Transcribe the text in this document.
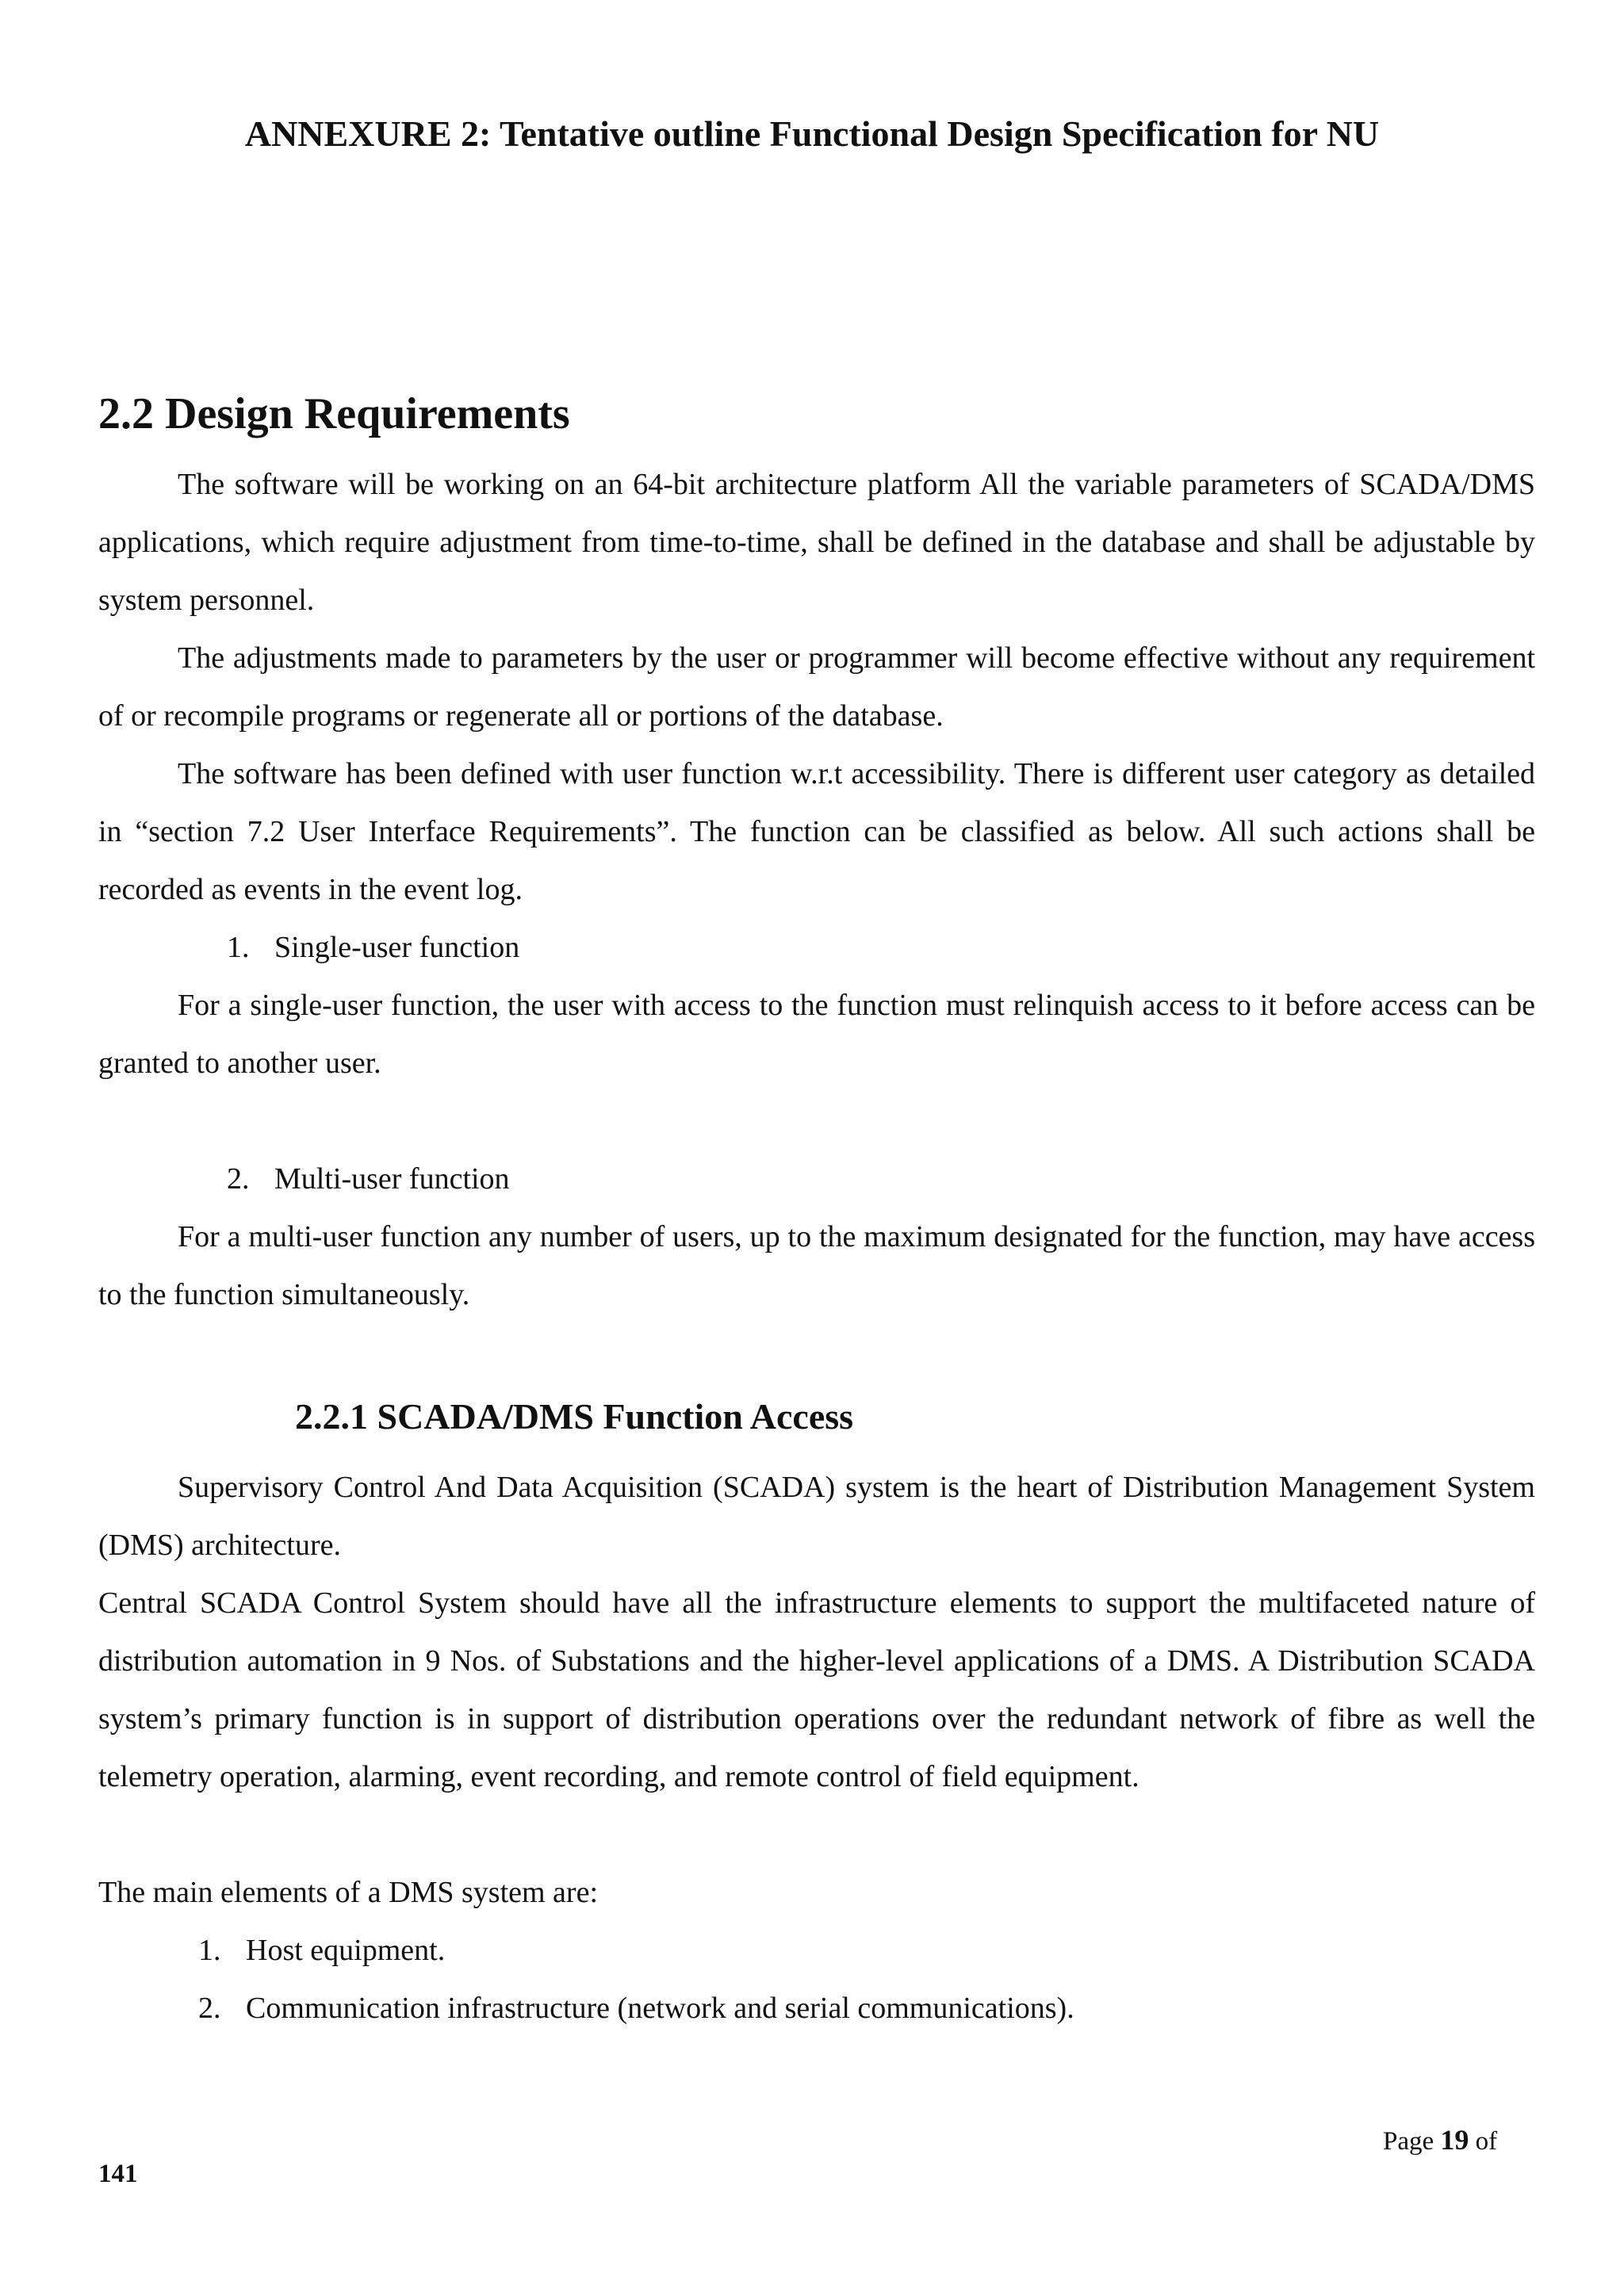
ANNEXURE 2: Tentative outline Functional Design Specification for NU
2.2 Design Requirements

The software will be working on an 64-bit architecture platform All the variable parameters of SCADA/DMS applications, which require adjustment from time-to-time, shall be defined in the database and shall be adjustable by system personnel.

The adjustments made to parameters by the user or programmer will become effective without any requirement of or recompile programs or regenerate all or portions of the database.

The software has been defined with user function w.r.t accessibility. There is different user category as detailed in “section 7.2 User Interface Requirements”. The function can be classified as below. All such actions shall be recorded as events in the event log.

1. Single-user function

For a single-user function, the user with access to the function must relinquish access to it before access can be granted to another user.

2. Multi-user function

For a multi-user function any number of users, up to the maximum designated for the function, may have access to the function simultaneously.

2.2.1 SCADA/DMS Function Access

Supervisory Control And Data Acquisition (SCADA) system is the heart of Distribution Management System (DMS) architecture.

Central SCADA Control System should have all the infrastructure elements to support the multifaceted nature of distribution automation in 9 Nos. of Substations and the higher-level applications of a DMS. A Distribution SCADA system’s primary function is in support of distribution operations over the redundant network of fibre as well the telemetry operation, alarming, event recording, and remote control of field equipment.

The main elements of a DMS system are:

1. Host equipment.

2. Communication infrastructure (network and serial communications).

Page 19 of
141
